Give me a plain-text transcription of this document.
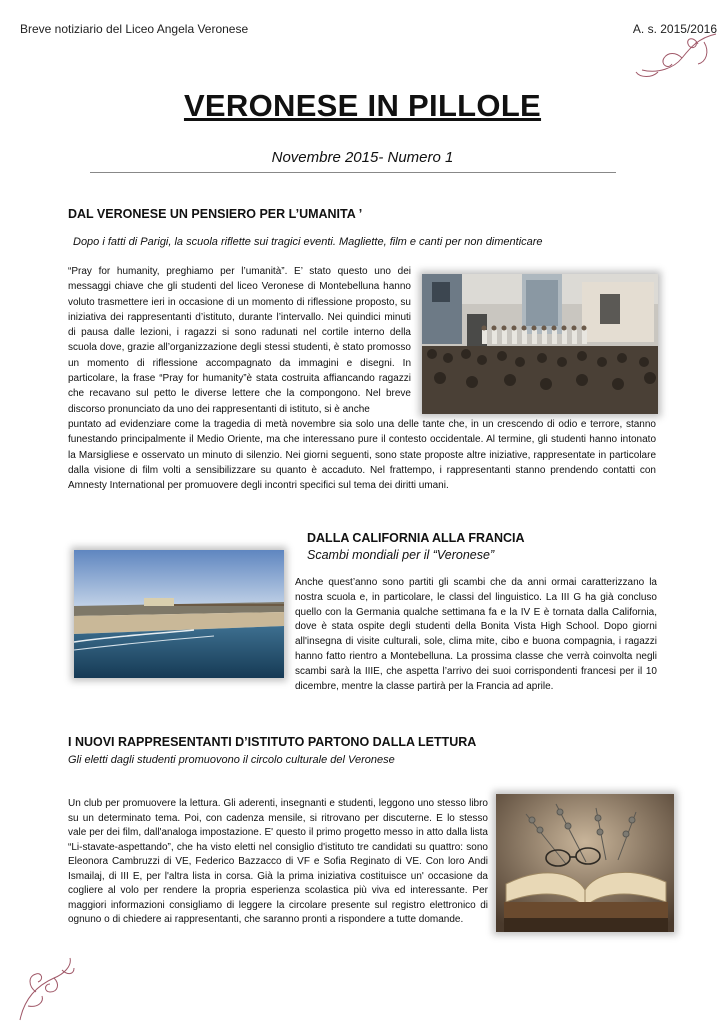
Breve notiziario del Liceo Angela Veronese	A. s. 2015/2016
VERONESE IN PILLOLE
Novembre 2015- Numero 1
DAL VERONESE UN PENSIERO PER L’UMANITA ’
Dopo i fatti di Parigi, la scuola riflette sui tragici eventi. Magliette, film e canti per non dimenticare

“Pray for humanity, preghiamo per l’umanità”. E’ stato questo uno dei messaggi chiave che gli studenti del liceo Veronese di Montebelluna hanno voluto trasmettere ieri in occasione di un momento di riflessione proposto, su iniziativa dei rappresentanti d’istituto, durante l’intervallo. Nei quindici minuti di pausa dalle lezioni, i ragazzi si sono radunati nel cortile interno della scuola dove, grazie all’organizzazione degli stessi studenti, è stato promosso un momento di riflessione accompagnato da immagini e disegni. In particolare, la frase “Pray for humanity”è stata costruita affiancando ragazzi che recavano sul petto le diverse lettere che la compongono. Nel breve discorso pronunciato da uno dei rappresentanti di istituto, si è anche

puntato ad evidenziare come la tragedia di metà novembre sia solo una delle tante che, in un crescendo di odio e terrore, stanno funestando principalmente il Medio Oriente, ma che interessano pure il contesto occidentale. Al termine, gli studenti hanno intonato la Marsigliese e osservato un minuto di silenzio. Nei giorni seguenti, sono state proposte altre iniziative, rappresentate in particolare dalla visione di film volti a sensibilizzare su quanto è accaduto. Nel frattempo, i rappresentanti stanno prendendo contatti con Amnesty International per promuovere degli incontri specifici sul tema dei diritti umani.

DALLA CALIFORNIA ALLA FRANCIA
Scambi mondiali per il “Veronese”

Anche quest’anno sono partiti gli scambi che da anni ormai caratterizzano la nostra scuola e, in particolare, le classi del linguistico. La III G ha già concluso quello con la Germania qualche settimana fa e la IV E è tornata dalla California, dove è stata ospite degli studenti della Bonita Vista High School. Dopo giorni all'insegna di visite culturali, sole, clima mite, cibo e buona compagnia, i ragazzi hanno fatto rientro a Montebelluna. La prossima classe che verrà coinvolta negli scambi sarà la IIIE, che aspetta l’arrivo dei suoi corrispondenti francesi per il 10 dicembre, mentre la classe partirà per la Francia ad aprile.

I NUOVI RAPPRESENTANTI D’ISTITUTO PARTONO DALLA LETTURA
Gli eletti dagli studenti promuovono il circolo culturale del Veronese

Un club per promuovere la lettura. Gli aderenti, insegnanti e studenti, leggono uno stesso libro su un determinato tema. Poi, con cadenza mensile, si ritrovano per discuterne. E lo stesso vale per dei film, dall'analoga impostazione. E' questo il primo progetto messo in atto dalla lista “Li-stavate-aspettando”, che ha visto eletti nel consiglio d'istituto tre candidati su quattro: sono Eleonora Cambruzzi di VE, Federico Bazzacco di VF e Sofia Reginato di VE. Con loro Andi Ismailaj, di III E, per l'altra lista in corsa. Già la prima iniziativa costituisce un' occasione da cogliere al volo per rendere la propria esperienza scolastica più viva ed interessante. Per maggiori informazioni consigliamo di leggere la circolare presente sul registro elettronico di ognuno o di chiedere ai rappresentanti, che saranno pronti a rispondere a tutte domande.
